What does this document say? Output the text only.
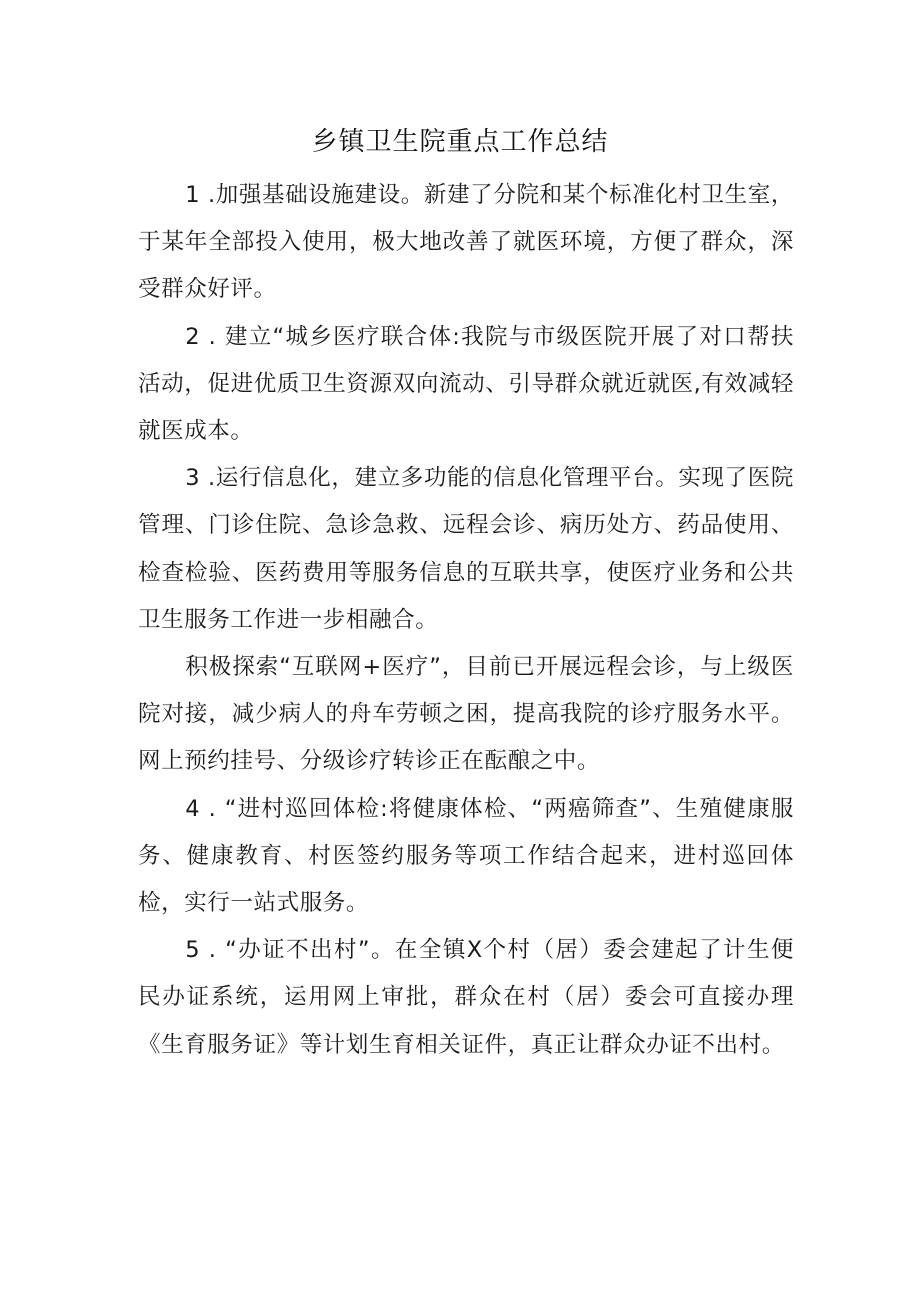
乡镇卫生院重点工作总结

1 .加强基础设施建设。新建了分院和某个标准化村卫生室，于某年全部投入使用，极大地改善了就医环境，方便了群众，深受群众好评。

2 . 建立“城乡医疗联合体:我院与市级医院开展了对口帮扶活动，促进优质卫生资源双向流动、引导群众就近就医,有效减轻就医成本。

3 .运行信息化，建立多功能的信息化管理平台。实现了医院管理、门诊住院、急诊急救、远程会诊、病历处方、药品使用、检查检验、医药费用等服务信息的互联共享，使医疗业务和公共卫生服务工作进一步相融合。

积极探索“互联网+医疗”，目前已开展远程会诊，与上级医院对接，减少病人的舟车劳顿之困，提高我院的诊疗服务水平。网上预约挂号、分级诊疗转诊正在酝酿之中。

4 . “进村巡回体检:将健康体检、“两癌筛查”、生殖健康服务、健康教育、村医签约服务等项工作结合起来，进村巡回体检，实行一站式服务。

5 . “办证不出村”。在全镇X个村（居）委会建起了计生便民办证系统，运用网上审批，群众在村（居）委会可直接办理《生育服务证》等计划生育相关证件，真正让群众办证不出村。
